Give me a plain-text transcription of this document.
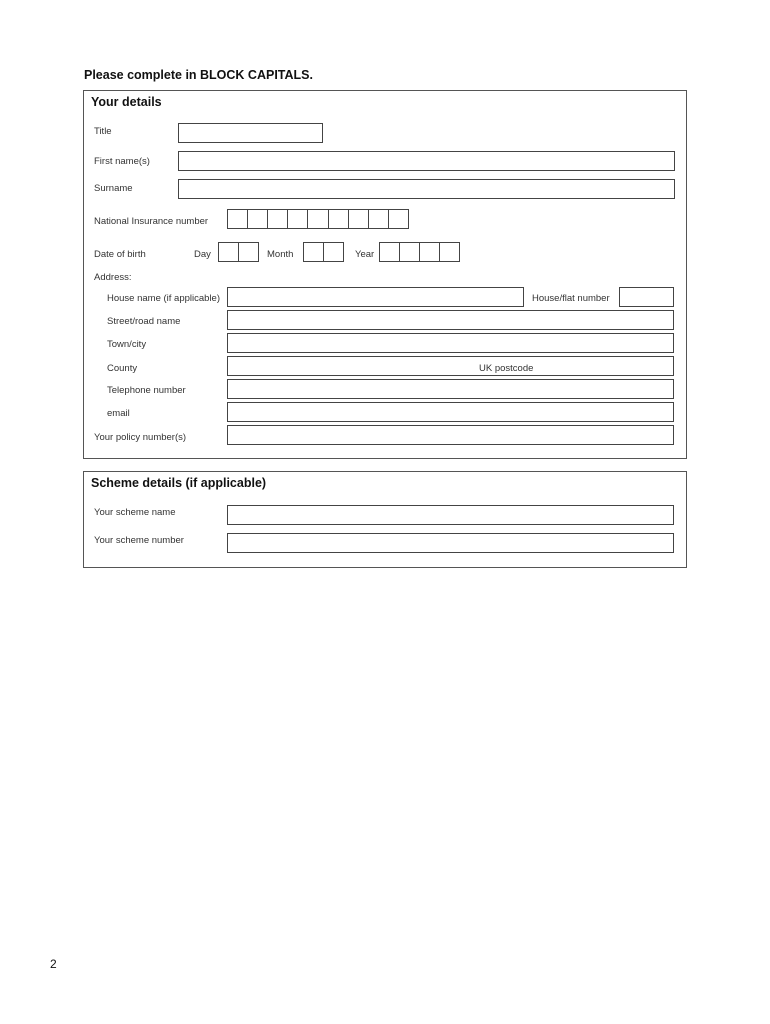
Please complete in BLOCK CAPITALS.
Your details
Title
First name(s)
Surname
National Insurance number
Date of birth	Day	Month	Year
Address:
House name (if applicable)	House/flat number
Street/road name
Town/city
County	UK postcode
Telephone number
email
Your policy number(s)
Scheme details (if applicable)
Your scheme name
Your scheme number
2
